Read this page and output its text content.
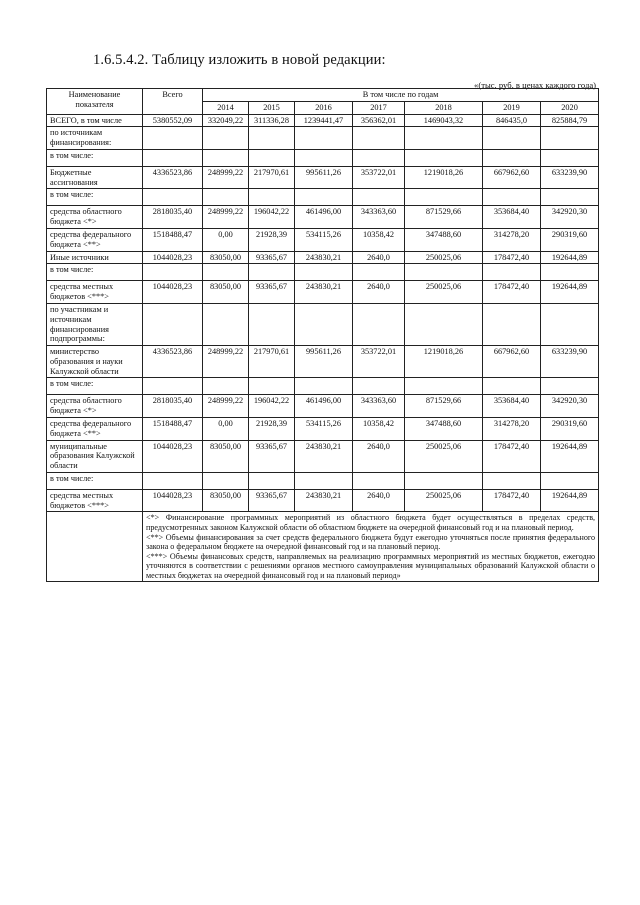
1.6.5.4.2. Таблицу изложить в новой редакции:
«(тыс. руб. в ценах каждого года)
Наименование показателя	Всего	В том числе по годам						
		2014	2015	2016	2017	2018	2019	2020
ВСЕГО, в том числе	5380552,09	332049,22	311336,28	1239441,47	356362,01	1469043,32	846435,0	825884,79
по источникам финансирования:								
в том числе:								
Бюджетные ассигнования	4336523,86	248999,22	217970,61	995611,26	353722,01	1219018,26	667962,60	633239,90
в том числе:								
средства областного бюджета <*>	2818035,40	248999,22	196042,22	461496,00	343363,60	871529,66	353684,40	342920,30
средства федерального бюджета <**>	1518488,47	0,00	21928,39	534115,26	10358,42	347488,60	314278,20	290319,60
Иные источники	1044028,23	83050,00	93365,67	243830,21	2640,0	250025,06	178472,40	192644,89
в том числе:								
средства местных бюджетов <***>	1044028,23	83050,00	93365,67	243830,21	2640,0	250025,06	178472,40	192644,89
по участникам и источникам финансирования подпрограммы:								
министерство образования и науки Калужской области	4336523,86	248999,22	217970,61	995611,26	353722,01	1219018,26	667962,60	633239,90
в том числе:								
средства областного бюджета <*>	2818035,40	248999,22	196042,22	461496,00	343363,60	871529,66	353684,40	342920,30
средства федерального бюджета <**>	1518488,47	0,00	21928,39	534115,26	10358,42	347488,60	314278,20	290319,60
муниципальные образования Калужской области	1044028,23	83050,00	93365,67	243830,21	2640,0	250025,06	178472,40	192644,89
в том числе:								
средства местных бюджетов <***>	1044028,23	83050,00	93365,67	243830,21	2640,0	250025,06	178472,40	192644,89

	<*> Финансирование программных мероприятий из областного бюджета будет осуществляться в пределах средств, предусмотренных законом Калужской области об областном бюджете на очередной финансовый год и на плановый период.

<**> Объемы финансирования за счет средств федерального бюджета будут ежегодно уточняться после принятия федерального закона о федеральном бюджете на очередной финансовый год и на плановый период.

<***> Объемы финансовых средств, направляемых на реализацию программных мероприятий из местных бюджетов, ежегодно уточняются в соответствии с решениями органов местного самоуправления муниципальных образований Калужской области о местных бюджетах на очередной финансовый год и на плановый период»							
